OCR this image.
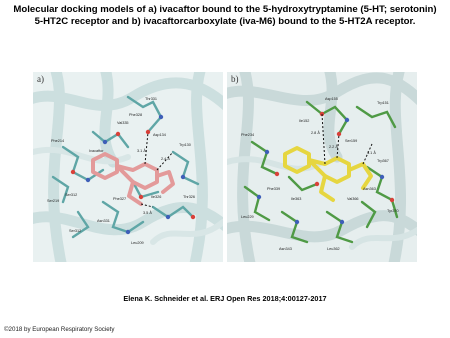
Molecular docking models of a) ivacaftor bound to the 5-hydroxytryptamine (5-HT; serotonin) 5-HT2C receptor and b) ivacaftorcarboxylate (iva-M6) bound to the 5-HT2A receptor.
Thr331
Val335
Phe328
Asp134
Trp130
Phe214
Ivacaftor
Ser219
Ser312
Phe327
Asn331
Ser312
Ile326	Thr326
Leu209
3.1 Å
2.4 Å
3.5 Å
a)
Asp155
Trp151
Phe234
Ile152
Ser159
Trp367
Asn363
Val366
Tyr370
Leu362
Leu229
Asn343
Ile363
Phe339
2.2 Å
2.8 Å
3.1 Å
b)
Elena K. Schneider et al. ERJ Open Res 2018;4:00127-2017
©2018 by European Respiratory Society
